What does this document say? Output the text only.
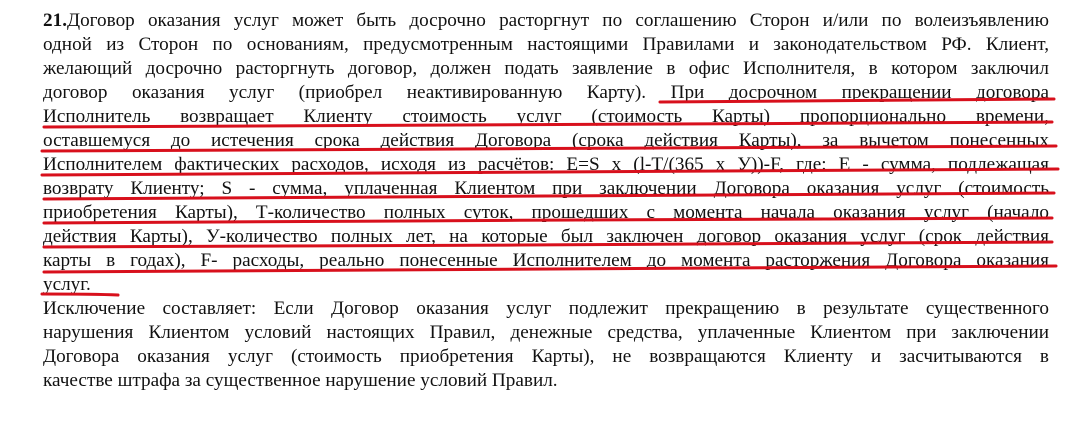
21.Договор оказания услуг может быть досрочно расторгнут по соглашению Сторон и/или по волеизъявлению
одной из Сторон по основаниям, предусмотренным настоящими Правилами и законодательством РФ. Клиент,
желающий досрочно расторгнуть договор, должен подать заявление в офис Исполнителя, в котором заключил
договор оказания услуг (приобрел неактивированную Карту). При досрочном прекращении договора
Исполнитель возвращает Клиенту стоимость услуг (стоимость Карты) пропорционально времени,
оставшемуся до истечения срока действия Договора (срока действия Карты), за вычетом понесенных
Исполнителем фактических расходов, исходя из расчётов: E=S x (l-T/(365 x У))-F, где: Е - сумма, подлежащая
возврату Клиенту; S - сумма, уплаченная Клиентом при заключении Договора оказания услуг (стоимость
приобретения Карты), Т-количество полных суток, прошедших с момента начала оказания услуг (начало
действия Карты), У-количество полных лет, на которые был заключен договор оказания услуг (срок действия
карты в годах), F- расходы, реально понесенные Исполнителем до момента расторжения Договора оказания
услуг.
Исключение составляет: Если Договор оказания услуг подлежит прекращению в результате существенного
нарушения Клиентом условий настоящих Правил, денежные средства, уплаченные Клиентом при заключении
Договора оказания услуг (стоимость приобретения Карты), не возвращаются Клиенту и засчитываются в
качестве штрафа за существенное нарушение условий Правил.
